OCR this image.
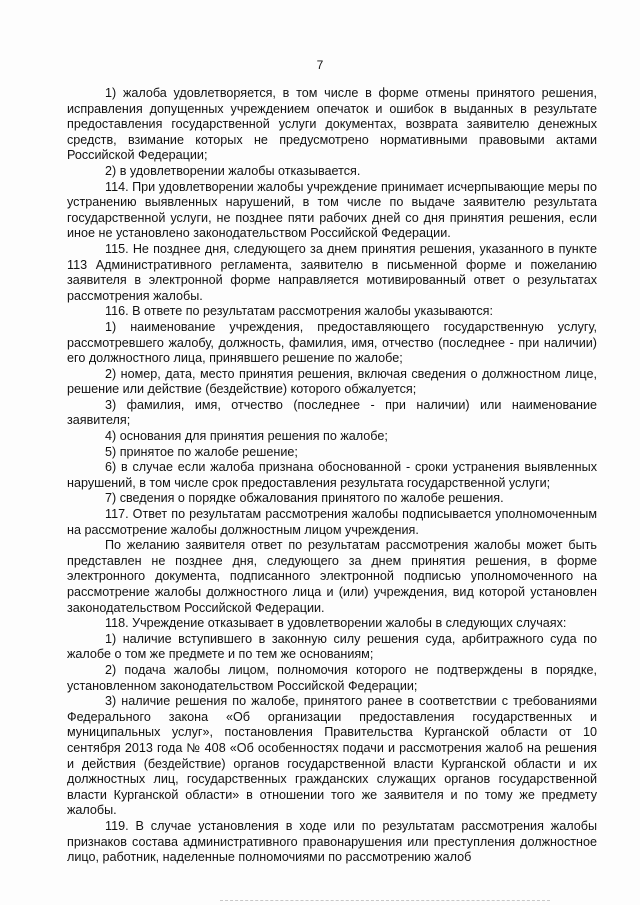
7

1) жалоба удовлетворяется, в том числе в форме отмены принятого решения, исправления допущенных учреждением опечаток и ошибок в выданных в результате предоставления государственной услуги документах, возврата заявителю денежных средств, взимание которых не предусмотрено нормативными правовыми актами Российской Федерации;

2) в удовлетворении жалобы отказывается.

114. При удовлетворении жалобы учреждение принимает исчерпывающие меры по устранению выявленных нарушений, в том числе по выдаче заявителю результата государственной услуги, не позднее пяти рабочих дней со дня принятия решения, если иное не установлено законодательством Российской Федерации.

115. Не позднее дня, следующего за днем принятия решения, указанного в пункте 113 Административного регламента, заявителю в письменной форме и пожеланию заявителя в электронной форме направляется мотивированный ответ о результатах рассмотрения жалобы.

116. В ответе по результатам рассмотрения жалобы указываются:

1) наименование учреждения, предоставляющего государственную услугу, рассмотревшего жалобу, должность, фамилия, имя, отчество (последнее - при наличии) его должностного лица, принявшего решение по жалобе;

2) номер, дата, место принятия решения, включая сведения о должностном лице, решение или действие (бездействие) которого обжалуется;

3) фамилия, имя, отчество (последнее - при наличии) или наименование заявителя;

4) основания для принятия решения по жалобе;

5) принятое по жалобе решение;

6) в случае если жалоба признана обоснованной - сроки устранения выявленных нарушений, в том числе срок предоставления результата государственной услуги;

7) сведения о порядке обжалования принятого по жалобе решения.

117. Ответ по результатам рассмотрения жалобы подписывается уполномоченным на рассмотрение жалобы должностным лицом учреждения.

По желанию заявителя ответ по результатам рассмотрения жалобы может быть представлен не позднее дня, следующего за днем принятия решения, в форме электронного документа, подписанного электронной подписью уполномоченного на рассмотрение жалобы должностного лица и (или) учреждения, вид которой установлен законодательством Российской Федерации.

118. Учреждение отказывает в удовлетворении жалобы в следующих случаях:

1) наличие вступившего в законную силу решения суда, арбитражного суда по жалобе о том же предмете и по тем же основаниям;

2) подача жалобы лицом, полномочия которого не подтверждены в порядке, установленном законодательством Российской Федерации;

3) наличие решения по жалобе, принятого ранее в соответствии с требованиями Федерального закона «Об организации предоставления государственных и муниципальных услуг», постановления Правительства Курганской области от 10 сентября 2013 года № 408 «Об особенностях подачи и рассмотрения жалоб на решения и действия (бездействие) органов государственной власти Курганской области и их должностных лиц, государственных гражданских служащих органов государственной власти Курганской области» в отношении того же заявителя и по тому же предмету жалобы.

119. В случае установления в ходе или по результатам рассмотрения жалобы признаков состава административного правонарушения или преступления должностное лицо, работник, наделенные полномочиями по рассмотрению жалоб
